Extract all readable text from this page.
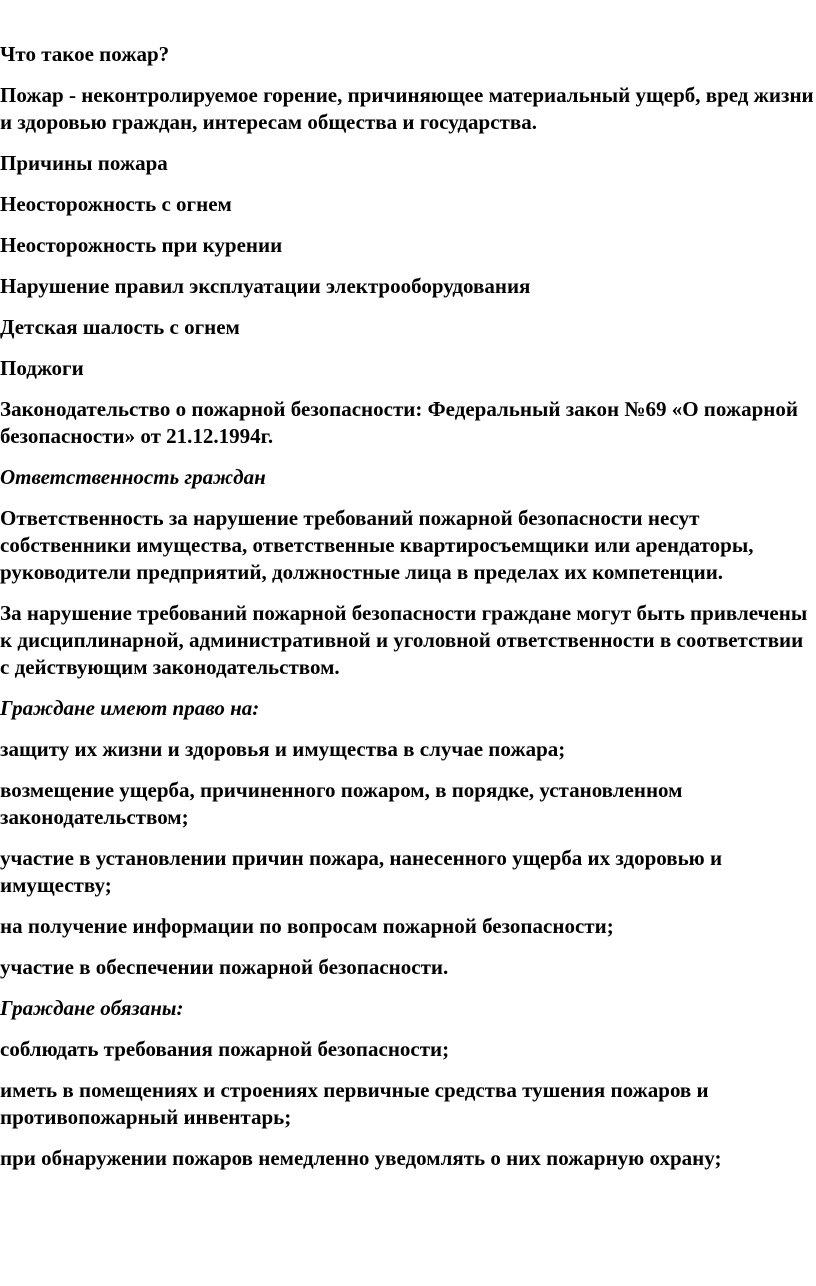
Что такое пожар?

Пожар - неконтролируемое горение, причиняющее материальный ущерб, вред жизни и здоровью граждан, интересам общества и государства.

Причины пожара

Неосторожность с огнем

Неосторожность при курении

Нарушение правил эксплуатации электрооборудования

Детская шалость с огнем

Поджоги

Законодательство о пожарной безопасности: Федеральный закон №69 «О пожарной безопасности» от 21.12.1994г.

Ответственность граждан

Ответственность за нарушение требований пожарной безопасности несут собственники имущества, ответственные квартиросъемщики или арендаторы, руководители предприятий, должностные лица в пределах их компетенции.

За нарушение требований пожарной безопасности граждане могут быть привлечены к дисциплинарной, административной и уголовной ответственности в соответствии с действующим законодательством.

Граждане имеют право на:

защиту их жизни и здоровья и имущества в случае пожара;

возмещение ущерба, причиненного пожаром, в порядке, установленном законодательством;

участие в установлении причин пожара, нанесенного ущерба их здоровью и имуществу;

на получение информации по вопросам пожарной безопасности;

участие в обеспечении пожарной безопасности.

Граждане обязаны:

соблюдать требования пожарной безопасности;

иметь в помещениях и строениях первичные средства тушения пожаров и противопожарный инвентарь;

при обнаружении пожаров немедленно уведомлять о них пожарную охрану;
